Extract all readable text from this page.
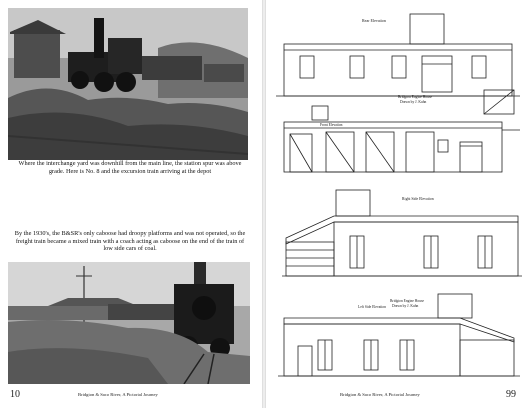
Where the interchange yard was downhill from the main line, the station spur was above grade. Here is No. 8 and the excursion train arriving at the depot
By the 1930's, the B&SR's only caboose had droopy platforms and was not operated, so the freight train became a mixed train with a coach acting as caboose on the end of the train of low side cars of coal.
10	Bridgton & Saco River, A Pictorial Journey
Rear Elevation
Bridgton Engine House
Drawn by J. Kuhn
Front Elevation
Right Side Elevation
Left Side Elevation
Bridgton Engine House
Drawn by J. Kuhn
Bridgton & Saco River, A Pictorial Journey	99
